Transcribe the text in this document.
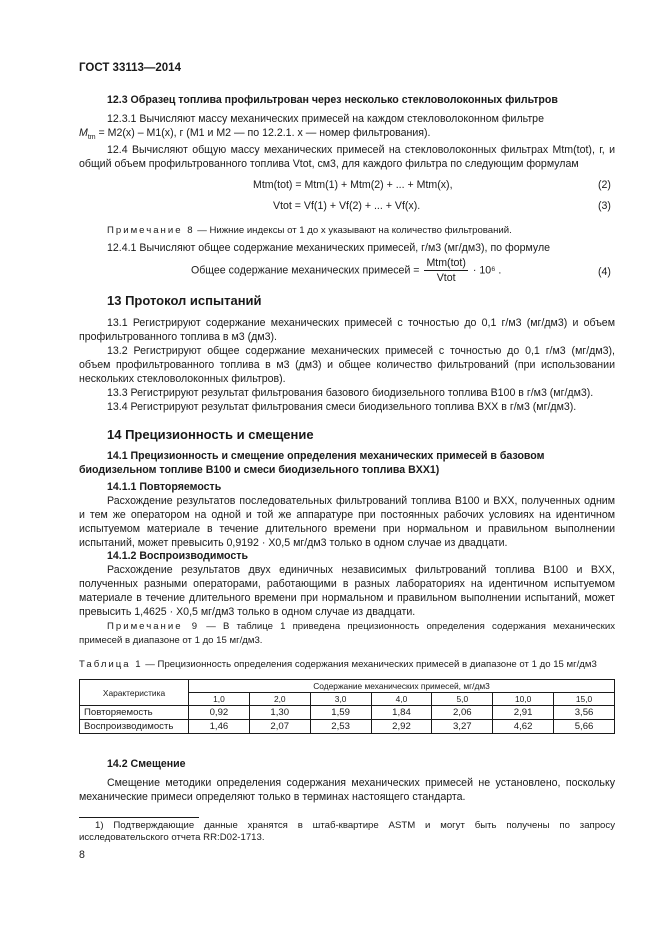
ГОСТ 33113—2014

12.3 Образец топлива профильтрован через несколько стекловолоконных фильтров

12.3.1 Вычисляют массу механических примесей на каждом стекловолоконном фильтре

$M_{tm} = M2(x) - M1(x)$, г (M1 и M2 — по 12.2.1. x — номер фильтрования).

12.4 Вычисляют общую массу механических примесей на стекловолоконных фильтрах Mtm(tot), г, и общий объем профильтрованного топлива Vtot, см3, для каждого фильтра по следующим формулам

Mtm(tot) = Mtm(1) + Mtm(2) + ... + Mtm(x),	(2)
Vtot = Vf(1) + Vf(2) + ... + Vf(x).	(3)

Примечание 8 — Нижние индексы от 1 до x указывают на количество фильтрований.

12.4.1 Вычисляют общее содержание механических примесей, г/м3 (мг/дм3), по формуле

Общее содержание механических примесей = $\frac{\text{Mtm(tot)}}{\text{Vtot}} \cdot 10^6$ .	(4)
13 Протокол испытаний

13.1 Регистрируют содержание механических примесей с точностью до 0,1 г/м3 (мг/дм3) и объем профильтрованного топлива в м3 (дм3).

13.2 Регистрируют общее содержание механических примесей с точностью до 0,1 г/м3 (мг/дм3), объем профильтрованного топлива в м3 (дм3) и общее количество фильтрований (при использовании нескольких стекловолоконных фильтров).

13.3 Регистрируют результат фильтрования базового биодизельного топлива B100 в г/м3 (мг/дм3).

13.4 Регистрируют результат фильтрования смеси биодизельного топлива BXX в г/м3 (мг/дм3).

14 Прецизионность и смещение

14.1 Прецизионность и смещение определения механических примесей в базовом биодизельном топливе B100 и смеси биодизельного топлива BXX1)

14.1.1 Повторяемость

Расхождение результатов последовательных фильтрований топлива B100 и BXX, полученных одним и тем же оператором на одной и той же аппаратуре при постоянных рабочих условиях на идентичном испытуемом материале в течение длительного времени при нормальном и правильном выполнении испытаний, может превысить 0,9192 · X0,5 мг/дм3 только в одном случае из двадцати.

14.1.2 Воспроизводимость

Расхождение результатов двух единичных независимых фильтрований топлива B100 и BXX, полученных разными операторами, работающими в разных лабораториях на идентичном испытуемом материале в течение длительного времени при нормальном и правильном выполнении испытаний, может превысить 1,4625 · X0,5 мг/дм3 только в одном случае из двадцати.

Примечание 9 — В таблице 1 приведена прецизионность определения содержания механических примесей в диапазоне от 1 до 15 мг/дм3.

Таблица 1 — Прецизионность определения содержания механических примесей в диапазоне от 1 до 15 мг/дм3
Характеристика	Содержание механических примесей, мг/дм3						
	1,0	2,0	3,0	4,0	5,0	10,0	15,0
Повторяемость	0,92	1,30	1,59	1,84	2,06	2,91	3,56
Воспроизводимость	1,46	2,07	2,53	2,92	3,27	4,62	5,66

14.2 Смещение

Смещение методики определения содержания механических примесей не установлено, поскольку механические примеси определяют только в терминах настоящего стандарта.

1) Подтверждающие данные хранятся в штаб-квартире ASTM и могут быть получены по запросу исследовательского отчета RR:D02-1713.

8
